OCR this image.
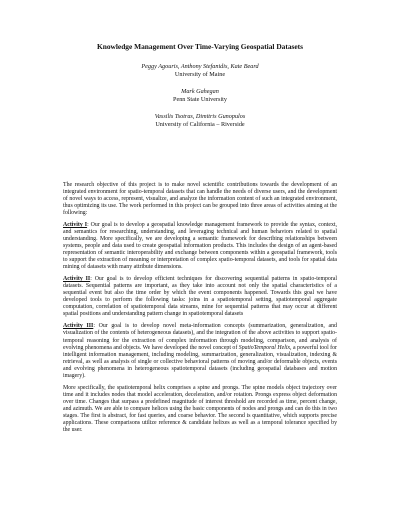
Knowledge Management Over Time-Varying Geospatial Datasets
Peggy Agouris, Anthony Stefanidis, Kate Beard
University of Maine
Mark Gahegan
Penn State University
Vassilis Tsotras, Dimitris Gunopulos
University of California – Riverside

The research objective of this project is to make novel scientific contributions towards the development of an integrated environment for spatio-temporal datasets that can handle the needs of diverse users, and the development of novel ways to access, represent, visualize, and analyze the information content of such an integrated environment, thus optimizing its use. The work performed in this project can be grouped into three areas of activities aiming at the following:

Activity I: Our goal is to develop a geospatial knowledge management framework to provide the syntax, context, and semantics for researching, understanding, and leveraging technical and human behaviors related to spatial understanding. More specifically, we are developing a semantic framework for describing relationships between systems, people and data used to create geospatial information products. This includes the design of an agent-based representation of semantic interoperability and exchange between components within a geospatial framework, tools to support the extraction of meaning or interpretation of complex spatio-temporal datasets, and tools for spatial data mining of datasets with many attribute dimensions.

Activity II: Our goal is to develop efficient techniques for discovering sequential patterns in spatio-temporal datasets. Sequential patterns are important, as they take into account not only the spatial characteristics of a sequential event but also the time order by which the event components happened. Towards this goal we have developed tools to perform the following tasks: joins in a spatiotemporal setting, spatiotemporal aggregate computation, correlation of spatiotemporal data streams, mine for sequential patterns that may occur at different spatial positions and understanding pattern change in spatiotemporal datasets

Activity III: Our goal is to develop novel meta-information concepts (summarization, generalization, and visualization of the contents of heterogeneous datasets), and the integration of the above activities to support spatio-temporal reasoning for the extraction of complex information through modeling, comparison, and analysis of evolving phenomena and objects. We have developed the novel concept of SpatioTemporal Helix, a powerful tool for intelligent information management, including modeling, summarization, generalization, visualization, indexing & retrieval, as well as analysis of single or collective behavioral patterns of moving and/or deformable objects, events and evolving phenomena in heterogeneous spatiotemporal datasets (including geospatial databases and motion imagery).

More specifically, the spatiotemporal helix comprises a spine and prongs. The spine models object trajectory over time and it includes nodes that model acceleration, deceleration, and/or rotation. Prongs express object deformation over time. Changes that surpass a predefined magnitude of interest threshold are recorded as time, percent change, and azimuth. We are able to compare helices using the basic components of nodes and prongs and can do this in two stages. The first is abstract, for fast queries, and coarse behavior. The second is quantitative, which supports precise applications. These comparisons utilize reference & candidate helixes as well as a temporal tolerance specified by the user.
